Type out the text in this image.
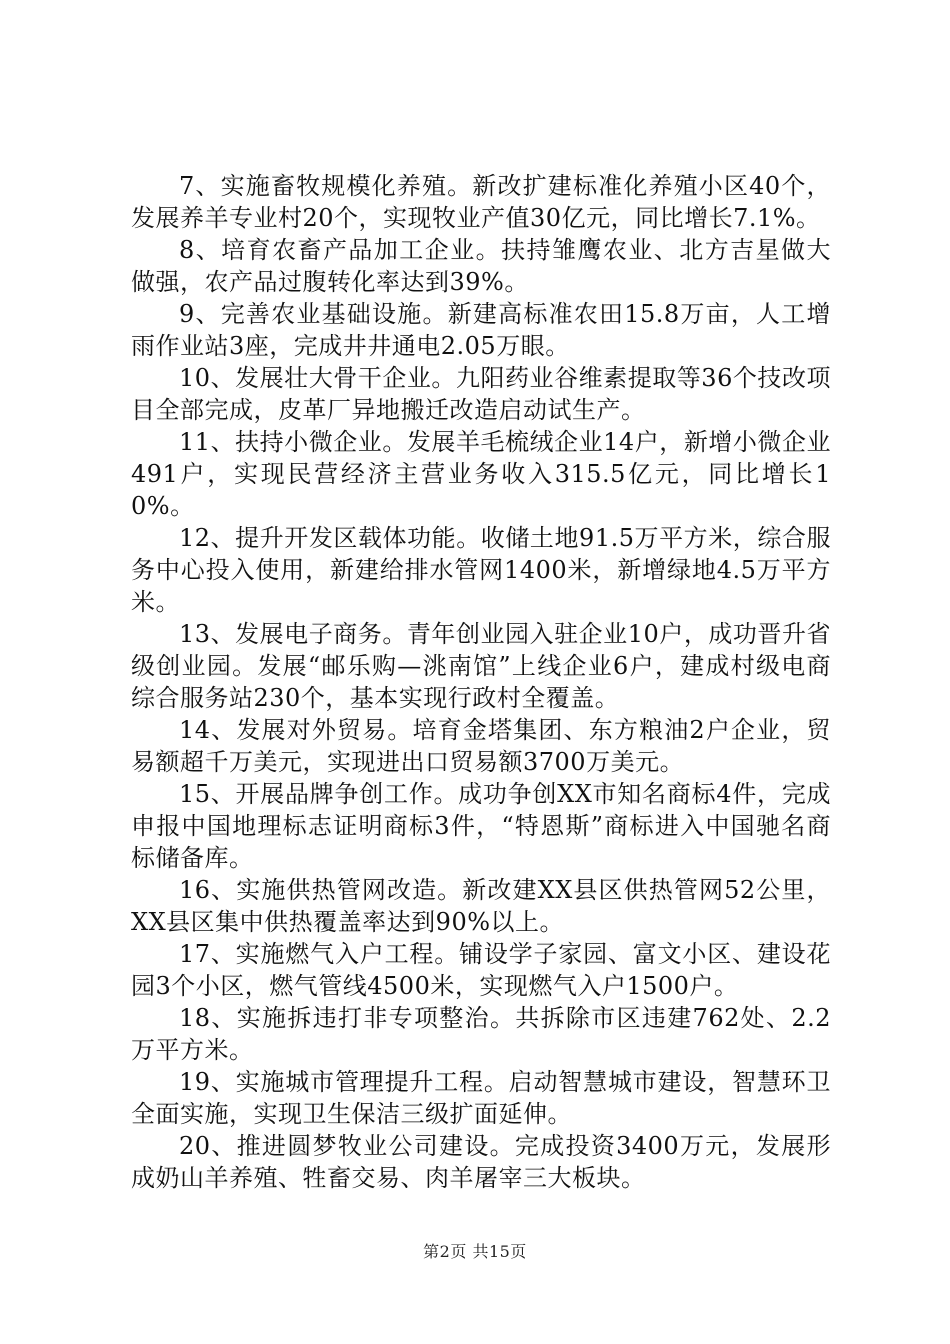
7、实施畜牧规模化养殖。新改扩建标准化养殖小区40个，发展养羊专业村20个，实现牧业产值30亿元，同比增长7.1%。

8、培育农畜产品加工企业。扶持雏鹰农业、北方吉星做大做强，农产品过腹转化率达到39%。

9、完善农业基础设施。新建高标准农田15.8万亩，人工增雨作业站3座，完成井井通电2.05万眼。

10、发展壮大骨干企业。九阳药业谷维素提取等36个技改项目全部完成，皮革厂异地搬迁改造启动试生产。

11、扶持小微企业。发展羊毛梳绒企业14户，新增小微企业491户，实现民营经济主营业务收入315.5亿元，同比增长10%。

12、提升开发区载体功能。收储土地91.5万平方米，综合服务中心投入使用，新建给排水管网1400米，新增绿地4.5万平方米。

13、发展电子商务。青年创业园入驻企业10户，成功晋升省级创业园。发展“邮乐购—洮南馆”上线企业6户，建成村级电商综合服务站230个，基本实现行政村全覆盖。

14、发展对外贸易。培育金塔集团、东方粮油2户企业，贸易额超千万美元，实现进出口贸易额3700万美元。

15、开展品牌争创工作。成功争创XX市知名商标4件，完成申报中国地理标志证明商标3件，“特恩斯”商标进入中国驰名商标储备库。

16、实施供热管网改造。新改建XX县区供热管网52公里，XX县区集中供热覆盖率达到90%以上。

17、实施燃气入户工程。铺设学子家园、富文小区、建设花园3个小区，燃气管线4500米，实现燃气入户1500户。

18、实施拆违打非专项整治。共拆除市区违建762处、2.2万平方米。

19、实施城市管理提升工程。启动智慧城市建设，智慧环卫全面实施，实现卫生保洁三级扩面延伸。

20、推进圆梦牧业公司建设。完成投资3400万元，发展形成奶山羊养殖、牲畜交易、肉羊屠宰三大板块。

第2页 共15页
